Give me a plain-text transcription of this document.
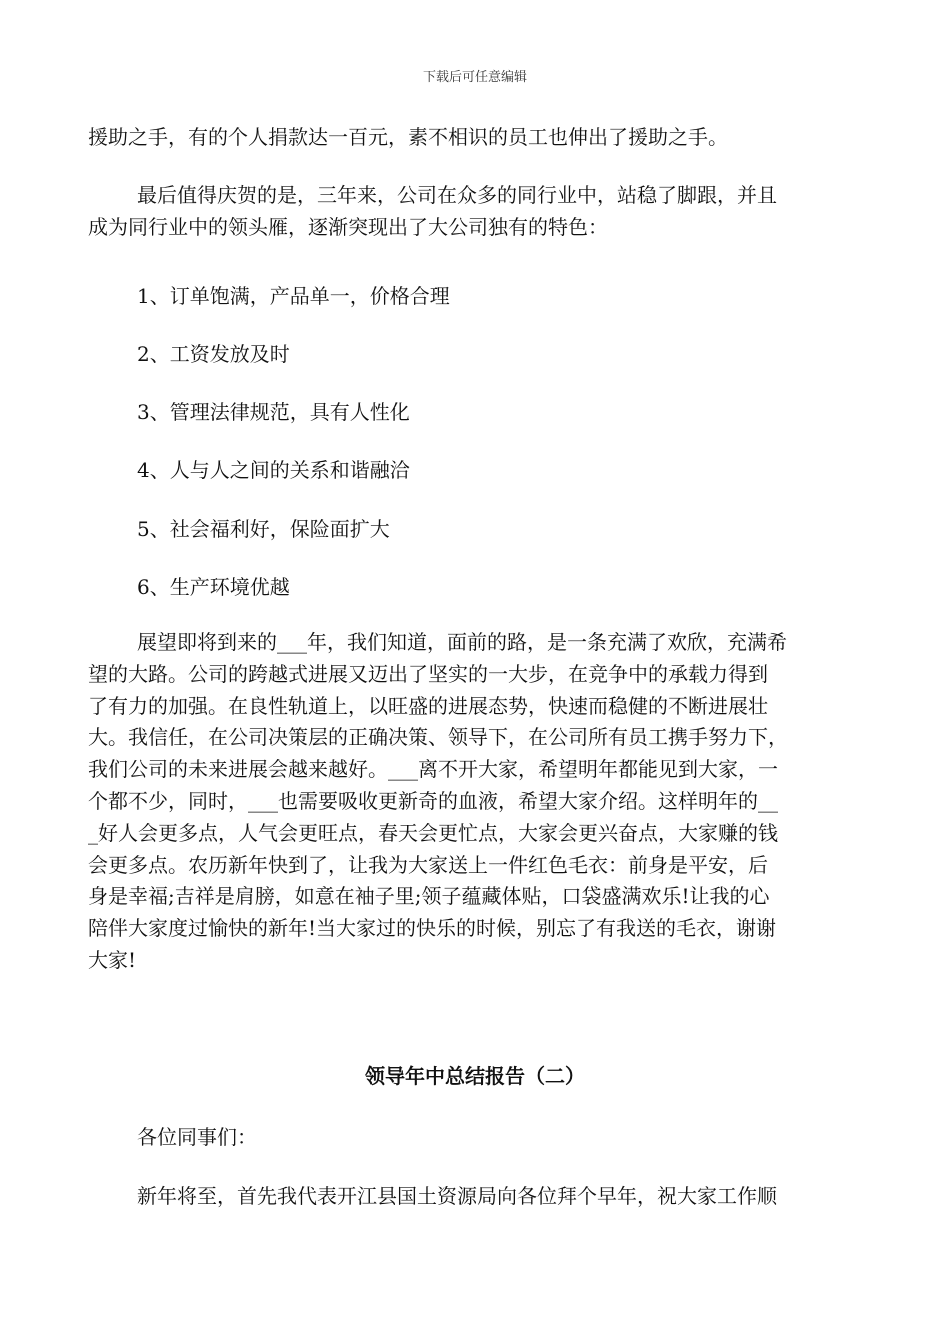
下载后可任意编辑

援助之手，有的个人捐款达一百元，素不相识的员工也伸出了援助之手。

最后值得庆贺的是，三年来，公司在众多的同行业中，站稳了脚跟，并且
成为同行业中的领头雁，逐渐突现出了大公司独有的特色：

1、订单饱满，产品单一，价格合理

2、工资发放及时

3、管理法律规范，具有人性化

4、人与人之间的关系和谐融洽

5、社会福利好，保险面扩大

6、生产环境优越

展望即将到来的___年，我们知道，面前的路，是一条充满了欢欣，充满希
望的大路。公司的跨越式进展又迈出了坚实的一大步，在竞争中的承载力得到
了有力的加强。在良性轨道上，以旺盛的进展态势，快速而稳健的不断进展壮
大。我信任，在公司决策层的正确决策、领导下，在公司所有员工携手努力下，
我们公司的未来进展会越来越好。___离不开大家，希望明年都能见到大家，一
个都不少，同时，___也需要吸收更新奇的血液，希望大家介绍。这样明年的__
_好人会更多点，人气会更旺点，春天会更忙点，大家会更兴奋点，大家赚的钱
会更多点。农历新年快到了，让我为大家送上一件红色毛衣：前身是平安，后
身是幸福;吉祥是肩膀，如意在袖子里;领子蕴藏体贴，口袋盛满欢乐!让我的心
陪伴大家度过愉快的新年!当大家过的快乐的时候，别忘了有我送的毛衣，谢谢
大家!
领导年中总结报告（二）

各位同事们：

新年将至，首先我代表开江县国土资源局向各位拜个早年，祝大家工作顺
